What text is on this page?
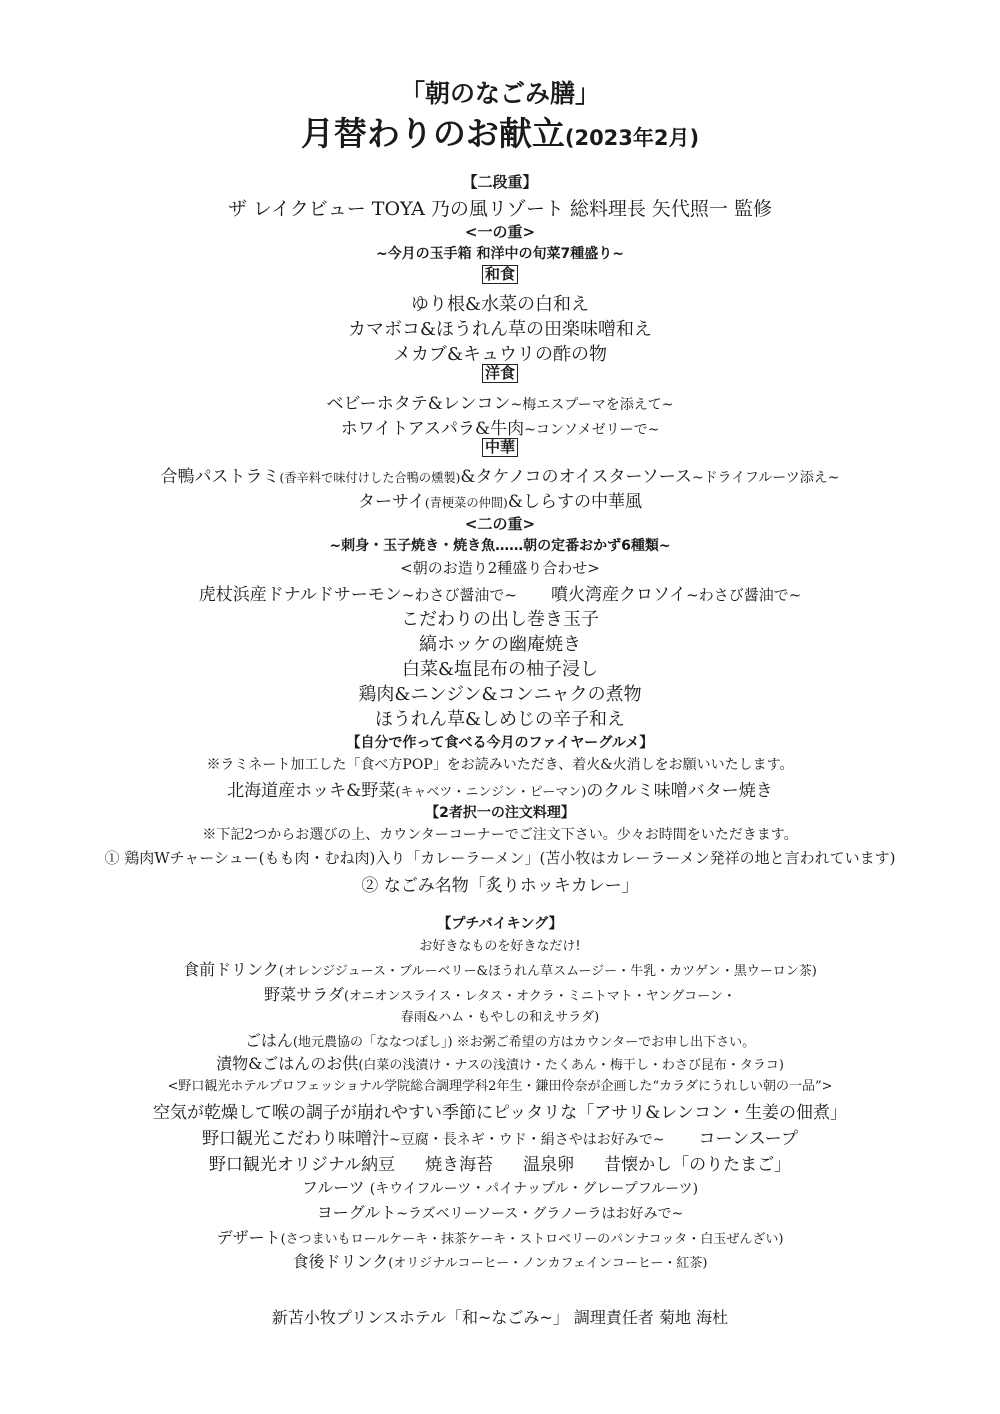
「朝のなごみ膳」
月替わりのお献立(2023年2月)
【二段重】
ザ レイクビュー TOYA 乃の風リゾート 総料理長 矢代照一 監修
<一の重>
~今月の玉手箱 和洋中の旬菜7種盛り~
和食
ゆり根&水菜の白和え
カマボコ&ほうれん草の田楽味噌和え
メカブ&キュウリの酢の物
洋食
ベビーホタテ&レンコン~梅エスプーマを添えて~
ホワイトアスパラ&牛肉~コンソメゼリーで~
中華
合鴨パストラミ(香辛料で味付けした合鴨の燻製)&タケノコのオイスターソース~ドライフルーツ添え~
ターサイ(青梗菜の仲間)&しらすの中華風
<二の重>
~刺身・玉子焼き・焼き魚……朝の定番おかず6種類~
<朝のお造り2種盛り合わせ>
虎杖浜産ドナルドサーモン~わさび醤油で~ 噴火湾産クロソイ~わさび醤油で~
こだわりの出し巻き玉子
縞ホッケの幽庵焼き
白菜&塩昆布の柚子浸し
鶏肉&ニンジン&コンニャクの煮物
ほうれん草&しめじの辛子和え
【自分で作って食べる今月のファイヤーグルメ】
※ラミネート加工した「食べ方POP」をお読みいただき、着火&火消しをお願いいたします。
北海道産ホッキ&野菜(キャベツ・ニンジン・ピーマン)のクルミ味噌バター焼き
【2者択一の注文料理】
※下記2つからお選びの上、カウンターコーナーでご注文下さい。少々お時間をいただきます。
① 鶏肉Wチャーシュー(もも肉・むね肉)入り「カレーラーメン」(苫小牧はカレーラーメン発祥の地と言われています)
② なごみ名物「炙りホッキカレー」
【プチバイキング】
お好きなものを好きなだけ!
食前ドリンク(オレンジジュース・ブルーベリー&ほうれん草スムージー・牛乳・カツゲン・黒ウーロン茶)
野菜サラダ(オニオンスライス・レタス・オクラ・ミニトマト・ヤングコーン・
春雨&ハム・もやしの和えサラダ)
ごはん(地元農協の「ななつぼし」) ※お粥ご希望の方はカウンターでお申し出下さい。
漬物&ごはんのお供(白菜の浅漬け・ナスの浅漬け・たくあん・梅干し・わさび昆布・タラコ)
<野口観光ホテルプロフェッショナル学院総合調理学科2年生・鎌田伶奈が企画した“カラダにうれしい朝の一品”>
空気が乾燥して喉の調子が崩れやすい季節にピッタリな「アサリ&レンコン・生姜の佃煮」
野口観光こだわり味噌汁~豆腐・長ネギ・ウド・絹さやはお好みで~ コーンスープ
野口観光オリジナル納豆 焼き海苔 温泉卵 昔懐かし「のりたまご」
フルーツ (キウイフルーツ・パイナップル・グレープフルーツ)
ヨーグルト~ラズベリーソース・グラノーラはお好みで~
デザート(さつまいもロールケーキ・抹茶ケーキ・ストロベリーのパンナコッタ・白玉ぜんざい)
食後ドリンク(オリジナルコーヒー・ノンカフェインコーヒー・紅茶)
新苫小牧プリンスホテル「和~なごみ~」 調理責任者 菊地 海杜
